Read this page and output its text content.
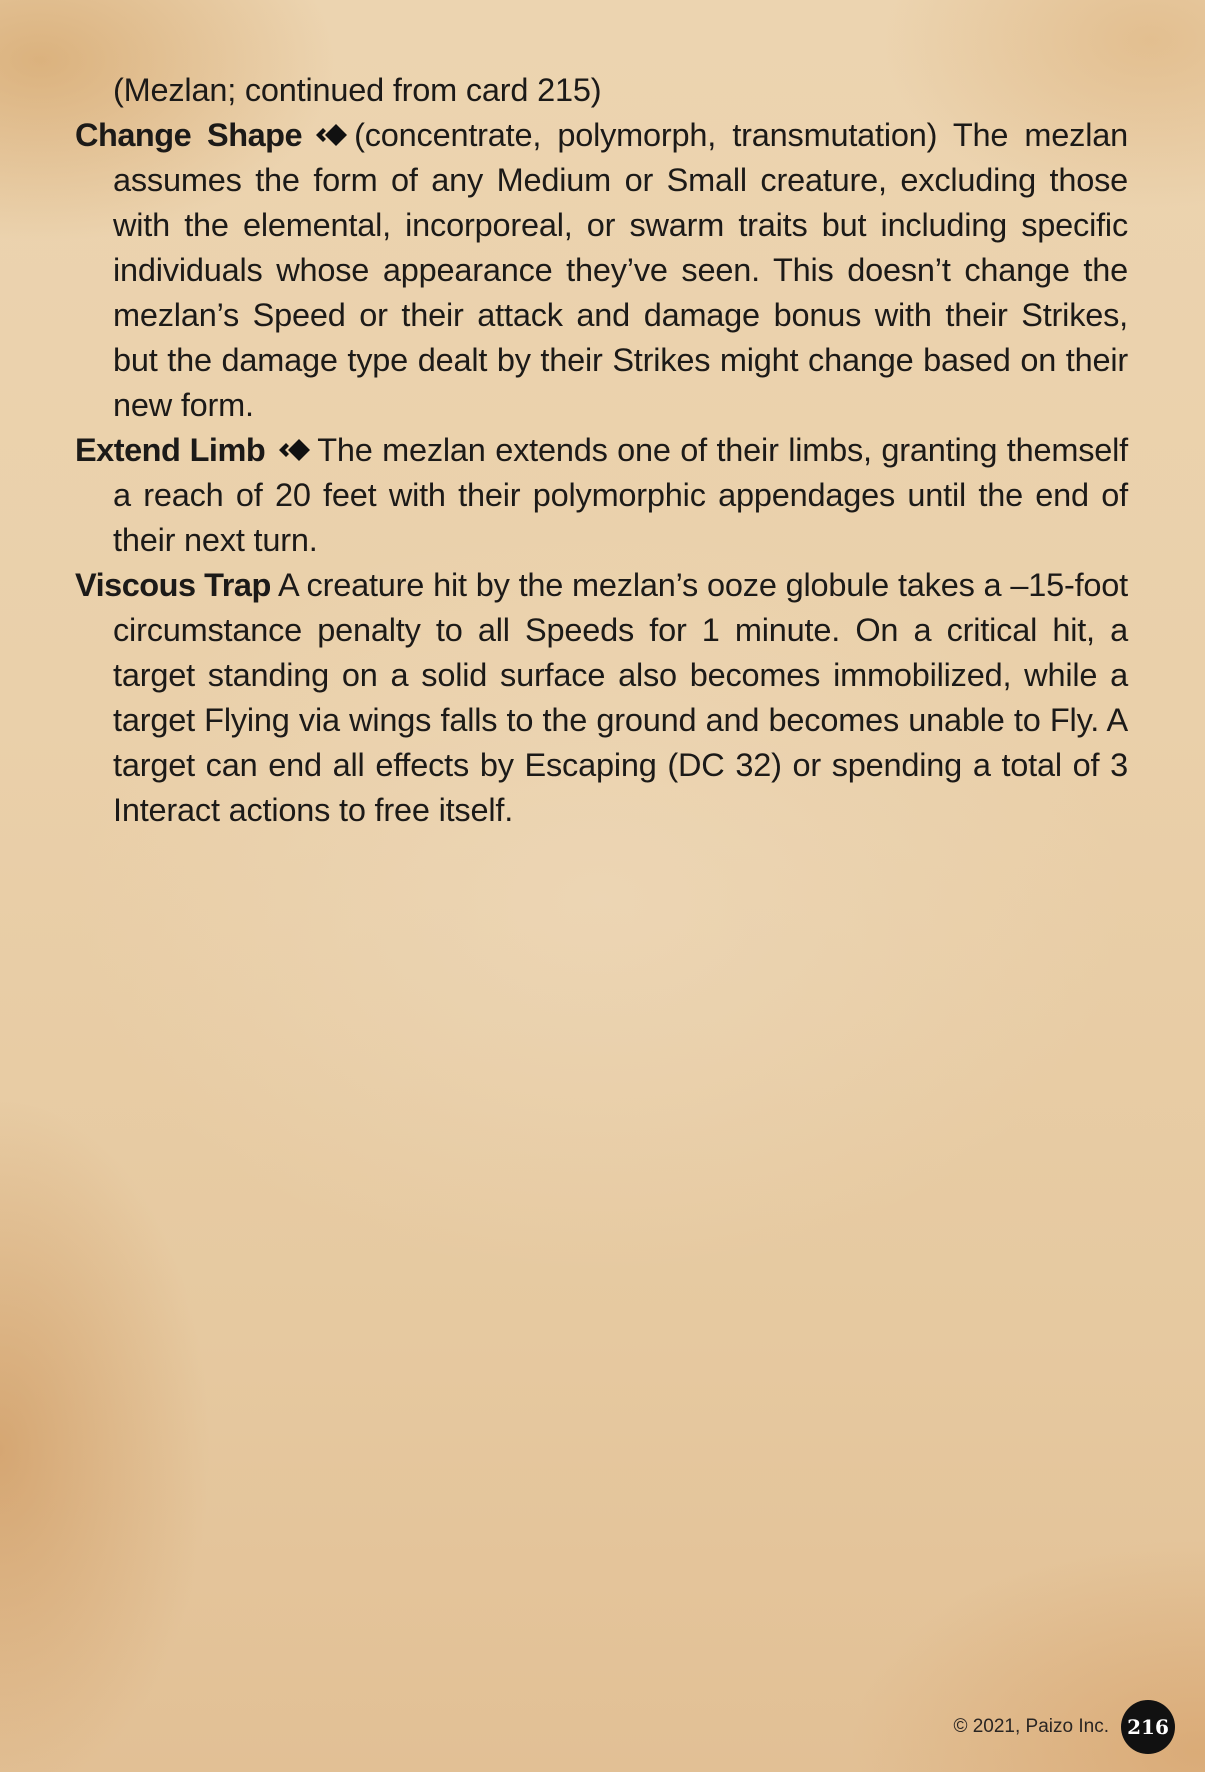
(Mezlan; continued from card 215)

Change Shape (concentrate, polymorph, transmutation) The mezlan assumes the form of any Medium or Small creature, excluding those with the elemental, incorporeal, or swarm traits but including specific individuals whose appearance they’ve seen. This doesn’t change the mezlan’s Speed or their attack and damage bonus with their Strikes, but the damage type dealt by their Strikes might change based on their new form.

Extend Limb The mezlan extends one of their limbs, granting themself a reach of 20 feet with their polymorphic appendages until the end of their next turn.

Viscous Trap A creature hit by the mezlan’s ooze globule takes a –15-foot circumstance penalty to all Speeds for 1 minute. On a critical hit, a target standing on a solid surface also becomes immobilized, while a target Flying via wings falls to the ground and becomes unable to Fly. A target can end all effects by Escaping (DC 32) or spending a total of 3 Interact actions to free itself.

© 2021, Paizo Inc. 216
